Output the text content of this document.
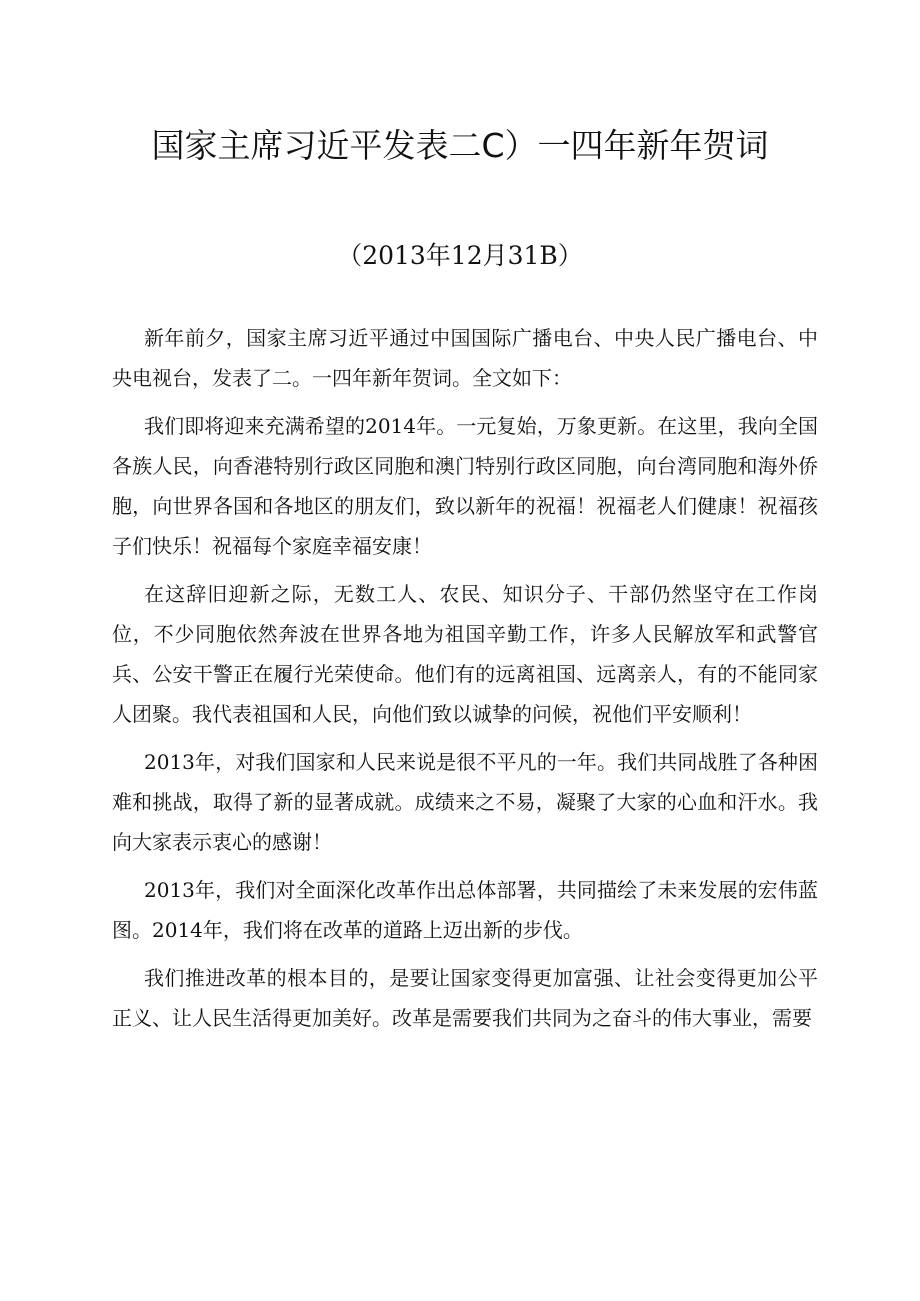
国家主席习近平发表二C）一四年新年贺词
（2013年12月31B）

新年前夕，国家主席习近平通过中国国际广播电台、中央人民广播电台、中央电视台，发表了二。一四年新年贺词。全文如下：

我们即将迎来充满希望的2014年。一元复始，万象更新。在这里，我向全国各族人民，向香港特别行政区同胞和澳门特别行政区同胞，向台湾同胞和海外侨胞，向世界各国和各地区的朋友们，致以新年的祝福！祝福老人们健康！祝福孩子们快乐！祝福每个家庭幸福安康！

在这辞旧迎新之际，无数工人、农民、知识分子、干部仍然坚守在工作岗位，不少同胞依然奔波在世界各地为祖国辛勤工作，许多人民解放军和武警官兵、公安干警正在履行光荣使命。他们有的远离祖国、远离亲人，有的不能同家人团聚。我代表祖国和人民，向他们致以诚挚的问候，祝他们平安顺利！

2013年，对我们国家和人民来说是很不平凡的一年。我们共同战胜了各种困难和挑战，取得了新的显著成就。成绩来之不易，凝聚了大家的心血和汗水。我向大家表示衷心的感谢！

2013年，我们对全面深化改革作出总体部署，共同描绘了未来发展的宏伟蓝图。2014年，我们将在改革的道路上迈出新的步伐。

我们推进改革的根本目的，是要让国家变得更加富强、让社会变得更加公平正义、让人民生活得更加美好。改革是需要我们共同为之奋斗的伟大事业，需要
